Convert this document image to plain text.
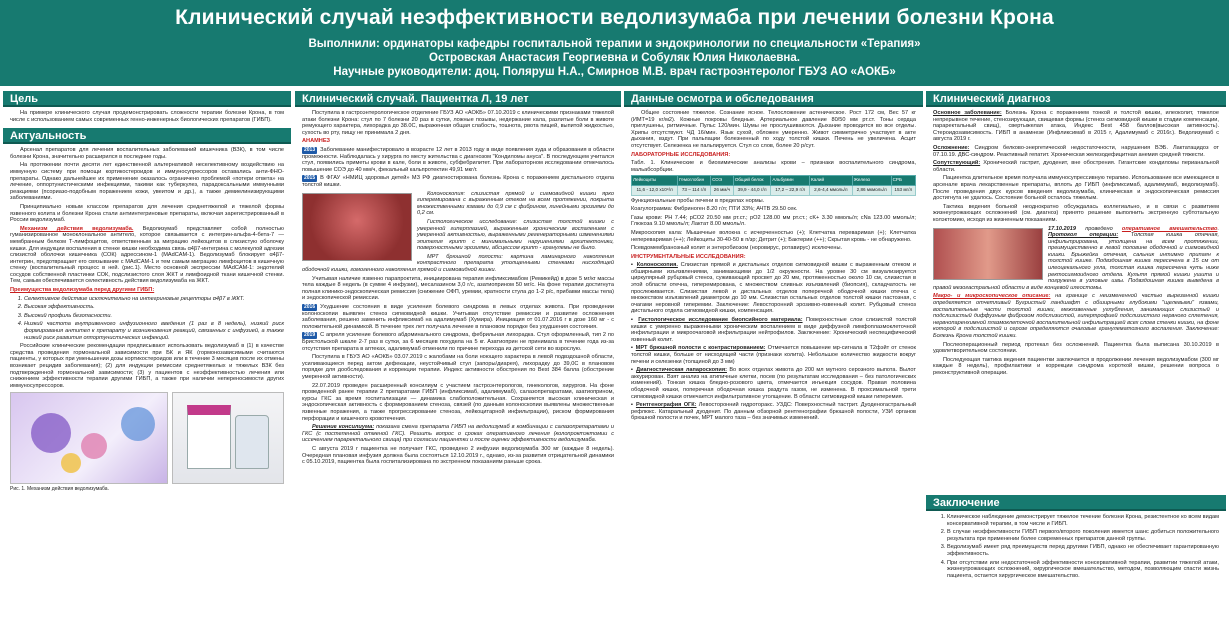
Клинический случай неэффективности ведолизумаба при лечении болезни Крона
Выполнили: ординаторы кафедры госпитальной терапии и эндокринологии по специальности «Терапия»
Островская Анастасия Георгиевна и Собуляк Юлия Николаевна.
Научные руководители: доц. Поляруш Н.А., Смирнов М.В. врач гастроэнтеролог ГБУЗ АО «АОКБ»
Цель

На примере клинического случая продемонстрировать сложности терапии болезни Крона, в том числе с использованием самых современных генно-инженерных биологических препаратов (ГИБП).

Актуальность

Арсенал препаратов для лечения воспалительных заболеваний кишечника (ВЗК), в том числе болезни Крона, значительно расширился в последние годы.

На протяжении почти десяти лет единственной альтернативой неселективному воздействию на иммунную систему при помощи кортикостероидов и иммуносупрессоров оставались анти-ФНО-препараты. Однако дальнейшее их применение оказалось ограничено проблемой «потери ответа» на лечение, оппортунистическими инфекциями, такими как туберкулез, парадоксальными иммунными реакциями (псориазо-подобным поражением кожи, увеитом и др.), а также демиелинизирующими заболеваниями.

Принципиально новым классом препаратов для лечения среднетяжелой и тяжелой формы язвенного колита и болезни Крона стали антиинтегриновые препараты, включая зарегистрированный в России ведолизумаб.

Механизм действия ведолизумаба. Ведолизумаб представляет собой полностью гуманизированное моноклональное антитело, которое связывается с интегрин-альфа-4-бета-7 — мембранным белком Т-лимфоцитов, ответственным за миграцию лейкоцитов в слизистую оболочку кишки. Для индукции воспаления в стенке кишки необходима связь α4β7-интегрина с молекулой адгезии слизистой оболочки кишечника (СОК) адрессином-1 (MAdCAM-1). Ведолизумаб блокирует α4β7-интегрин, предотвращает его связывание с MAdCAM-1 и тем самым миграцию лимфоцитов в кишечную стенку (воспалительный процесс в ней. (рис.1). Место основной экспрессии MAdCAM-1: эндотелий сосудов собственной пластинки СОК, подслизистого слоя ЖКТ и лимфоидной ткани кишечной стенки. Тем, самым обеспечивается селективность действия ведолизумаба на ЖКТ.

Преимущества ведолизумаба перед другими ГИБП:

1. Селективное действие исключительно на интегриновые рецепторы α4β7 в ЖКТ.
2. Высокая эффективность.
3. Высокий профиль безопасности.
4. Низкий частота внутривенного инфузионного введения (1 раз в 8 недель), низкий риск формирования антител к препарату и возникновения реакций, связанных с инфузией, а также низкий риск развития оппортунистических инфекций.

Российские клинические рекомендации предписывают использовать ведолизумаб в (1) в качестве средства проведения гормональной зависимости при БК и ЯК (гормонозависимыми считаются пациенты, у которых при уменьшении дозы кортикостероидов или в течение 3 месяцев после их отмены возникает рецидив заболевания); (2) для индукции ремиссии среднетяжелых и тяжелых ВЗК без подтвержденной гормональной зависимости; (3) у пациентов с неэффективностью лечения или снижением эффективности терапии другими ГИБП, а также при наличии непереносимости других иммуносупрессоров.

Рис. 1. Механизм действия ведолизумаба.
Клинический случай. Пациентка Л, 19 лет

Поступила в гастроэнтерологическое отделение ГБУЗ АО «АОКБ» 07.10.2019 с клиническими признаками тяжелой атаки болезни Крона: стул по 7 болезни 20 раз в сутки, ложные позывы, недержание кала, разлитые боли в животе ремующего характера, лихорадка до 38.0С, выраженная общая слабость, тошнота, рвота пищей, выпитой жидкостью, сухость во рту, пищу не принимала 2 дня.

АНАМНЕЗ

2013 Заболевание манифестировало в возрасте 12 лет в 2013 году в виде появления зуда и образования в области промежности. Наблюдалась у хирурга по месту жительства с диагнозом "Кондиломы ануса". В последующем учитался стул, появились приметы крови в кале, боли в животе, субфебрилитет. При лабораторном исследовании отмечалось повышение СОЭ до 40 мм/ч, фекальный кальпротектин 49,91 мкг/г.

2015 В ФГАУ «НМИЦ здоровья детей» МЗ РФ диагностирована болезнь Крона с поражением дистального отдела толстой кишки.

Колоноскопия: слизистая прямой и сигмовидной кишки ярко гиперемирована с выраженным отеком на всем протяжении, покрыта множественными язвами до 0,9 см с фибрином, линейными эрозиями до 0,2 см.

Гистологическое исследование: слизистая толстой кишки с умеренной гиперплазией, выраженным хроническим воспалением с умеренной активностью, выраженными регенераторными изменениями эпителия крипт с минимальными нарушениями архитектоники, поверхностными эрозиями, абсцессом крипт - гранулемы не было.

МРТ брюшной полости: картина ламинарного накопления контрастного препарата утолщенными стенками нисходящей ободочной кишки, гомогенного накопления прямой и сигмовидной кишки.

Учитывая наличие язвенно парапроктита, инициирована терапия инфликсимабом (Ремикейд) в дозе 5 мг/кг массы тела каждые 8 недель (в сумме 4 инфузии), месалазином 3,0 г/с, азатиоприном 50 мг/с. На фоне терапии достигнута полная клинико-эндоскопическая ремиссия (снижение ОФП, уремии, кратности стула до 1-2 р/с, прибавки массы тела) и эндоскопической ремиссии.

2016 Ухудшение состояния в виде усиления болевого синдрома в левых отделах живота. При проведении колоноскопии выявлен стеноз сигмовидной кишки. Учитывая отсутствие ремиссии и развитие осложнения заболевания, решено заменить инфликсимаб на адалимумаб (Хумира). Инициация от 01.07.2016 г в дозе 160 мг - с положительной динамикой. В течение трех лет получала лечение в плановом порядке без ухудшения состояния.

2019 С апреля усиление болевого абдоминального синдрома, фебрильная лихорадка. Стул оформленный, тип 2 по Бристольской шкале 2-7 раз в сутки, за 6 месяцев похудела на 5 кг. Азатиоприн не принимала в течение года из-за отсутствия препарата в аптеках, адалимумаб отменили по причине перехода из детской сети во взрослую.

Поступила в ГБУЗ АО «АОКБ» 03.07.2019 с жалобами на боли ноющего характера в левой подвздошной области, усиливающиеся перед актом дефекации, неустойчивый стул (запоры/диарея), лихорадку до 39,0С в плановом порядке для дообследования и коррекции терапии. Индекс активности обострения по Best 384 балла (обострение умеренной активности).

22.07.2019 проведен расширенный консилиум с участием гастроэнтерологов, гинекологов, хирургов. На фоне проведенной ранее терапии 2 препаратами ГИБП (инфликсимаб, адалимумаб), салазопрепаратами, азатиоприном, курсы ГКС за время госпитализации — динамика слабоположительная. Сохраняется высокая клиническая и эндоскопическая активность с формированием стеноза, связей (по данным колоноскопии выявлены множественные язвенные поражения, а также прогрессирование стеноза, лейкоцитарной инфильтрации), риском формирования перфорации и кишечного кровотечения.

Решение консилиума: показана смена препарата ГИБП на ведолизумаб в комбинации с салазопрепаратами и ГКС (с постепенной отменой ГКС). Решить вопрос о сроках оперативного лечения (колопроктэктомии с иссечением параректального свища) при согласии пациентки и после оценки эффективности ведолизумаба.

С августа 2019 г пациентка не получает ГКС, проведено 2 инфузии ведолизумаба 300 мг (каждые 8 недель). Очередная плановая инфузия должна была состояться 12.10.2019 г., однако, из-за развития отрицательной динамики с 05.10.2019, пациентка была госпитализирована по экстренном показаниям раньше срока.

Данные осмотра и обследования

Общее состояние тяжелое. Сознание ясное. Телосложение астеническое. Рост 172 см, Вес 57 кг (ИМТ=19 кг/м2). Кожные покровы бледные. Артериальное давление 80/50 мм рт.ст. Тоны сердца приглушены, ритмичные. Пульс 120/мин. Шумы не прослушиваются. Дыхание проводится во все отделы. Хрипы отсутствуют. ЧД 16/мин. Язык сухой, обложен умеренно. Живот симметрично участвует в акте дыхания, вздут. При пальпации болезненный по ходу толстой кишки. Печень не увеличена. Асцит отсутствует. Селезенка не пальпируется. Стул со слов, более 20 р/сут.

ЛАБОРАТОРНЫЕ ИССЛЕДОВАНИЯ:

Табл. 1. Клинические и биохимические анализы крови – признаки воспалительного синдрома, мальабсорбции.

Лейкоциты	Гемоглобин	СОЭ	Общий белок	Альбумин	Калий	Железо	СРБ
11,6 - 12,0 х10⁹/л	73 – 114 г/л	26 мм/ч	39,9 - 44,0 г/л	17,2 – 22,9 г/л	2,6-4,4 ммоль/л	2,86 мкмоль/л	153 мг/л

Функциональные пробы печени в пределах нормы.

Коагулограмма: Фибриноген 8.20 г/л; ПТИ 33%; АЧТВ 29.50 сек.

Газы крови: РН 7.44; рСО2 20.50 мм рт.ст.; рО2 128.00 мм рт.ст.; cK+ 3.30 ммоль/л; cNa 123.00 ммоль/л; Глюкоза 9.10 ммоль/л; Лактат 8.00 ммоль/л.

Микроскопия кала: Мышечные волокна с исчерченностью (+); Клетчатка переваримая (+); Клетчатка непереваримая (++); Лейкоциты 30-40-50 в п/зр; Детрит (+); Бактерии (++); Скрытая кровь - не обнаружено.

Псевдомембранозный колит и энтеробиозом (норовирус, ротавирус) исключены.

ИНСТРУМЕНТАЛЬНЫЕ ИССЛЕДОВАНИЯ:

▪ Колоноскопия. Слизистая прямой и дистальных отделов сигмовидной кишки с выраженным отеком и обширными изъязвлениями, занимающими до 1/2 окружности. На уровне 30 см визуализируется циркулярный рубцовый стеноз, суживающий просвет до 20 мм, протяженностью около 10 см, слизистая в этой области отечна, гиперемирована, с множеством сливных изъязвлений (биопсия), складчатость не прослеживается. Слизистая левой и дистальных отделов поперечной ободочной кишки отечна с множеством изъязвлений диаметром до 10 мм. Слизистая остальных отделов толстой кишки пастозная, с очагами неровной гиперемии. Заключение: Левосторонний эрозивно-язвенный колит. Рубцовый стеноз дистального отдела сигмовидной кишки, компенсация.

▪ Гистологическое исследование биопсийного материала: Поверхностные слои слизистой толстой кишки с умеренно выраженными хроническим воспалением в виде диффузной лимфоплазмоклеточной инфильтрации и микроочаговой инфильтрации нейтрофилов. Заключение: Хронический неспецифический язвенный колит.

▪ МРТ брюшной полости с контрастированием: Отмечается повышение мр-сигнала в Т2фэйт от стенок толстой кишки, больше от нисходящей части (признаки колита). Небольшое количество жидкости вокруг печени и селезенки (толщиной до 3 мм)

▪ Диагностическая лапароскопия: Во всех отделах живота до 200 мл мутного серозного выпота. Вылот аккурирован. Взят анализ на атипичные клетки, посев (по результатам исследования – без патологических изменений). Тонкая кишка бледно-розового цвета, отмечается инъекция сосудов. Правая половина ободочной кишки, поперечная ободочная кишка раздута газом, не изменена. В проксимальной трети сигмовидной кишки отмечается инфильтративное утолщение. В области сигмовидной кишки гиперемия.

▪ Рентгенография ОГК: Левосторонний гидроторакс. УЗДС: Поверхностный тастрит. Дуоденогастральный рефлюкс. Катаральный дуоденит. По данным обзорной рентгенографии брюшной полости, УЗИ органов брюшной полости и почек, МРТ малого таза – без значимых изменений.

Клинический диагноз

Основное заболевание: Болезнь Крона с поражением тонкой и толстой кишки, илеоколит, тяжелое непрерывное течение, стенозирующая, свищевая формы (стеноз сигмовидной кишки в стадии компенсации, параректальный свищ), свертыжелая атака, Индекс Best 458 баллов(высокая активность). Стероидозависимость. ГИБП в анамнезе (Инфликсимаб в 2015 г, Адалимумаб с 2016г.). Ведолизумаб с августа 2019 г.

Осложнение: Синдром белково-энергетической недостаточности, нарушения ВЭБ. Лактатацидоз от 07.10.19. ДВС-синдром. Реактивный гепатит. Хроническая железодефицитная анемия средней тяжести.

Сопутствующий: Хронический гастрит, дуоденит, вне обострения. Гигантские кондиломы перианальной области.

Пациентка длительное время получала иммуносупрессивную терапию. Использование все имеющиеся в арсенале врача лекарственные препараты, вплоть до ГИБП (инфликсимаб, адалимумаб, ведолизумаб). После проведения двух курсов введения ведолизумаба, клиническая и эндоскопическая ремиссия достигнута не удалось. Состояние больной осталось тяжелым.

Тактика ведения больной неоднократно обсуждалась коллегиально, и в связи с развитием жизнеугрожающих осложнений (см. диагноз) принято решение выполнить экстренную субтотальную колэктомию, исходя из жизненным показаниям.

17.10.2019 проведено оперативное вмешательство. Протокол операции: Толстая кишка отечная, инфильтрирована, утолщена на всем протяжении, преимущественно в левой половине ободочной и сигмовидной кишки. Брыжейка отечная, сальник интимно припаян к толстой кишке. Подвздошная кишка пересечена в 15 см от илеоцекального угла, толстая кишка пересечена чуть ниже ректосигмоидного отдела. Культя прямой кишки ушита и погружена в узловые швы. Подвздошная кишка выведена в правой мезогастральной области в виде концевой илеостомы.

Макро- и микроскопическое описание: на границе с неизмененной частью вырезанной кишки определяется отчетливый Бугристый ландшафт с обширными глубокими "щелевыми" язвами, воспалительные части толстой кишки, межязвенные углубления, занимающих слизистый и подслизистый диффузным фиброзом подслизистой, гипертрофией подслизистого нервного сплетения, нервнопаренхимной плазмоклеточной воспалительной инфильтрацией всех слоев стенки кишки, на фоне которой в подслизистой и серозе определяются очаговые гранулематозного воспаления. Заключение: Болезнь Крона толстой кишки.

Послеоперационный период протекал без осложнений. Пациентка была выписана 30.10.2019 в удовлетворительном состоянии.

Последующая тактика ведения пациентки заключается в продолжении лечения ведолизумабом (300 мг каждые 8 недель), профилактики и коррекции синдрома короткой кишки, решении вопроса о реконструктивной операции.

Заключение
1. Клиническое наблюдение демонстрирует тяжелое течение болезни Крона, резистентное ко всем видам консервативной терапии, в том числе и ГИБП.
2. В случае неэффективности ГИБП первого/второго поколения имеется шанс добиться положительного результата при применении более современных препаратов данной группы.
3. Ведолизумаб имеет ряд преимуществ перед другими ГИБП, однако не обеспечивает гарантированную эффективность.
4. При отсутствии или недостаточной эффективности консервативной терапии, развитии тяжелой атаки, жизнеугрожающих осложнений, хирургическое вмешательство, методом, позволяющим спасти жизнь пациента, остается хирургическое вмешательство.
